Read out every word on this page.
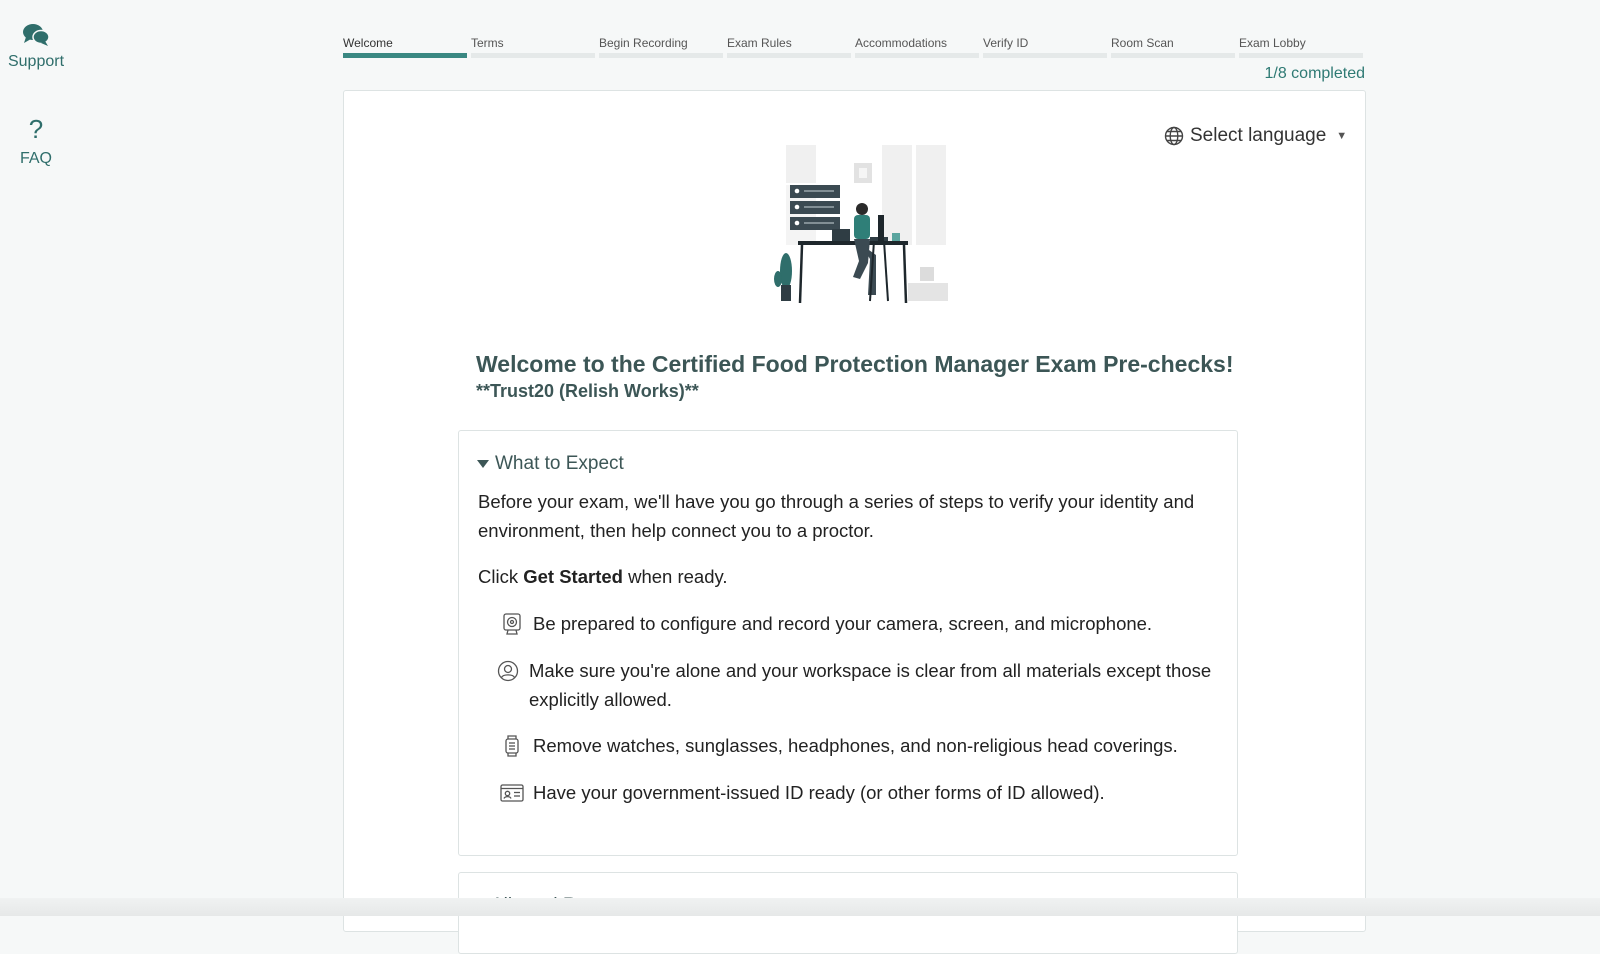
Support
?
FAQ
Welcome	Terms	Begin Recording	Exam Rules	Accommodations	Verify ID	Room Scan	Exam Lobby
1/8 completed
Select language ▼
Welcome to the Certified Food Protection Manager Exam Pre-checks!
**Trust20 (Relish Works)**
What to Expect
Before your exam, we'll have you go through a series of steps to verify your identity and environment, then help connect you to a proctor.
Click Get Started when ready.
Be prepared to configure and record your camera, screen, and microphone.
Make sure you're alone and your workspace is clear from all materials except those explicitly allowed.
Remove watches, sunglasses, headphones, and non-religious head coverings.
Have your government-issued ID ready (or other forms of ID allowed).
